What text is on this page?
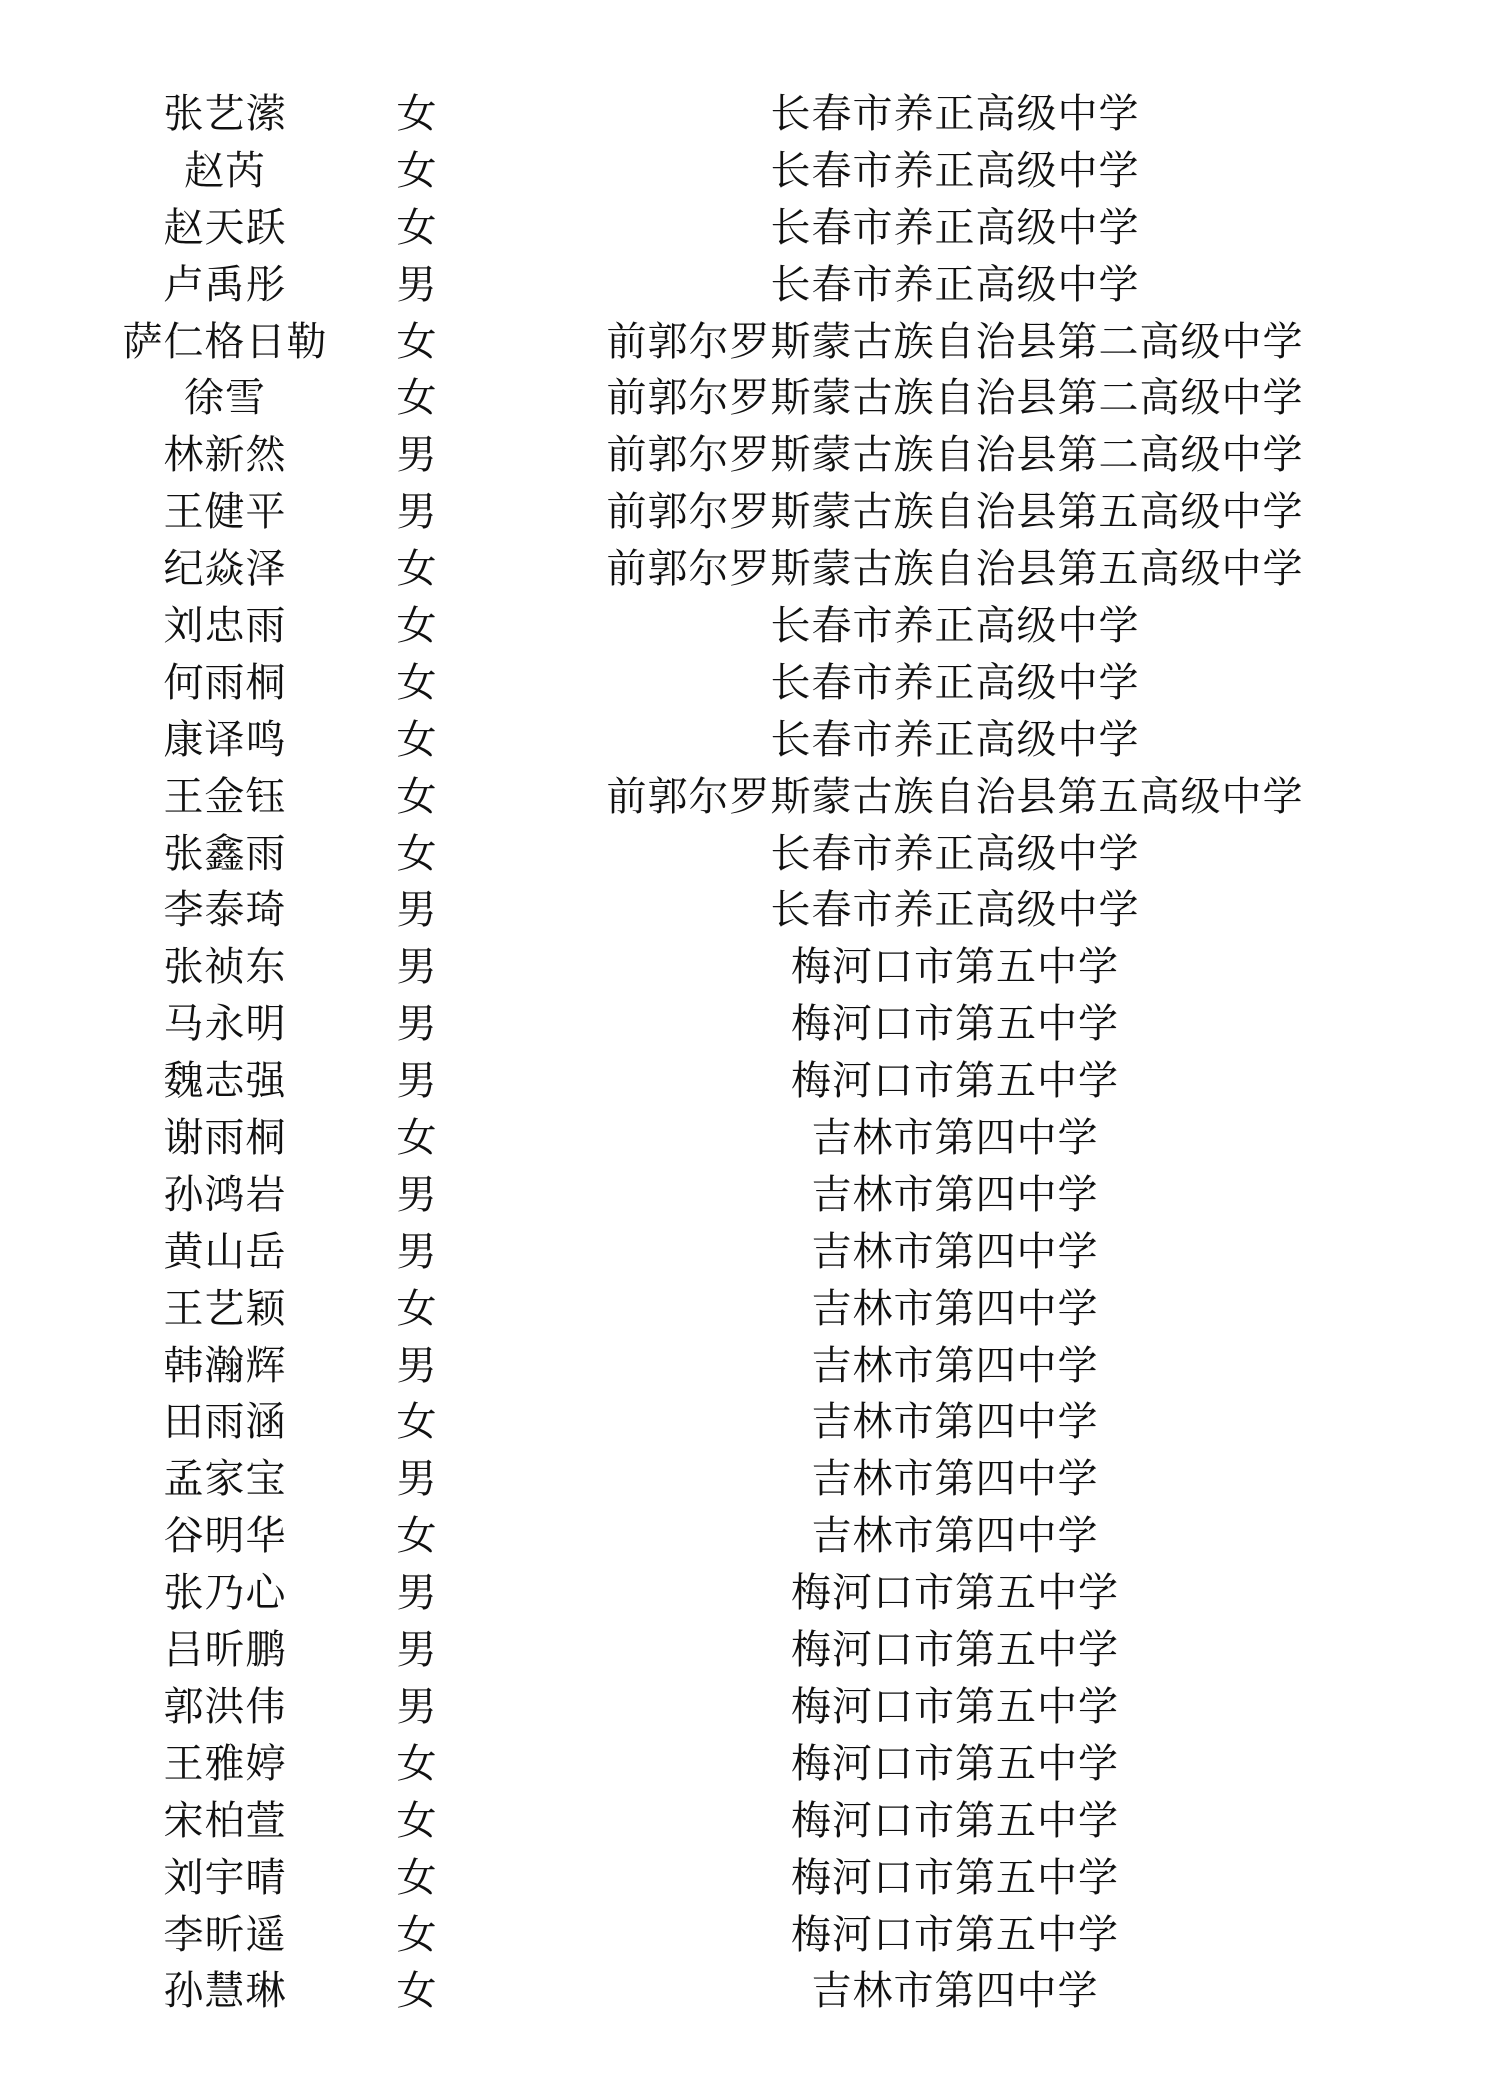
张艺潆	女	长春市养正高级中学
赵芮	女	长春市养正高级中学
赵天跃	女	长春市养正高级中学
卢禹彤	男	长春市养正高级中学
萨仁格日勒	女	前郭尔罗斯蒙古族自治县第二高级中学
徐雪	女	前郭尔罗斯蒙古族自治县第二高级中学
林新然	男	前郭尔罗斯蒙古族自治县第二高级中学
王健平	男	前郭尔罗斯蒙古族自治县第五高级中学
纪焱泽	女	前郭尔罗斯蒙古族自治县第五高级中学
刘忠雨	女	长春市养正高级中学
何雨桐	女	长春市养正高级中学
康译鸣	女	长春市养正高级中学
王金钰	女	前郭尔罗斯蒙古族自治县第五高级中学
张鑫雨	女	长春市养正高级中学
李泰琦	男	长春市养正高级中学
张祯东	男	梅河口市第五中学
马永明	男	梅河口市第五中学
魏志强	男	梅河口市第五中学
谢雨桐	女	吉林市第四中学
孙鸿岩	男	吉林市第四中学
黄山岳	男	吉林市第四中学
王艺颖	女	吉林市第四中学
韩瀚辉	男	吉林市第四中学
田雨涵	女	吉林市第四中学
孟家宝	男	吉林市第四中学
谷明华	女	吉林市第四中学
张乃心	男	梅河口市第五中学
吕昕鹏	男	梅河口市第五中学
郭洪伟	男	梅河口市第五中学
王雅婷	女	梅河口市第五中学
宋柏萱	女	梅河口市第五中学
刘宇晴	女	梅河口市第五中学
李昕遥	女	梅河口市第五中学
孙慧琳	女	吉林市第四中学
